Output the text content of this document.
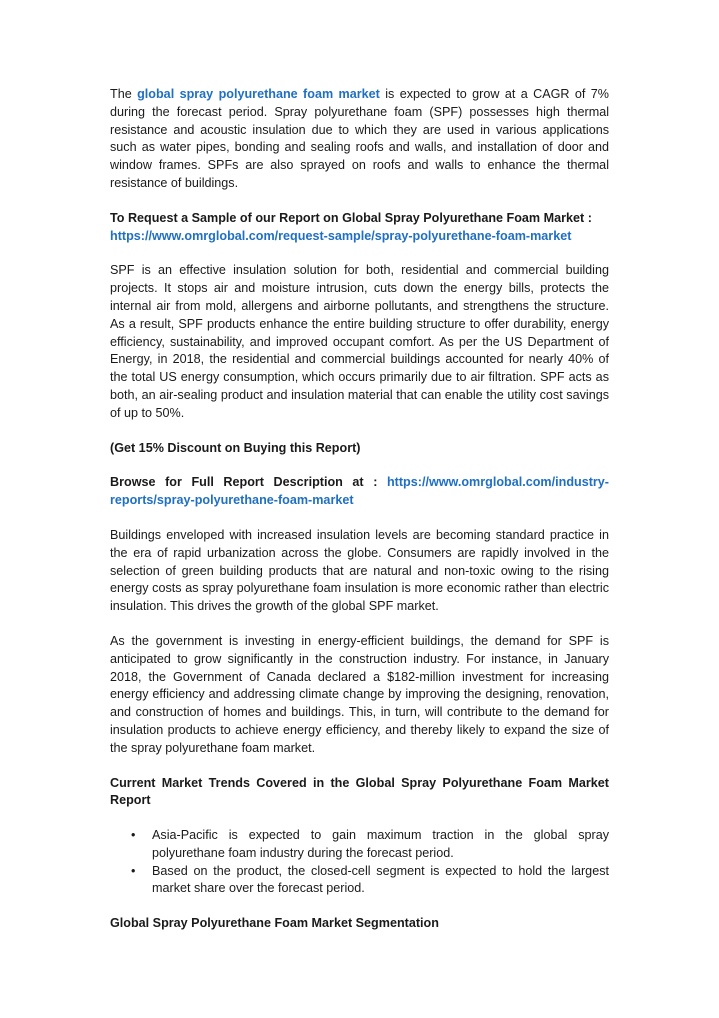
The global spray polyurethane foam market is expected to grow at a CAGR of 7% during the forecast period. Spray polyurethane foam (SPF) possesses high thermal resistance and acoustic insulation due to which they are used in various applications such as water pipes, bonding and sealing roofs and walls, and installation of door and window frames. SPFs are also sprayed on roofs and walls to enhance the thermal resistance of buildings.

To Request a Sample of our Report on Global Spray Polyurethane Foam Market :
https://www.omrglobal.com/request-sample/spray-polyurethane-foam-market

SPF is an effective insulation solution for both, residential and commercial building projects. It stops air and moisture intrusion, cuts down the energy bills, protects the internal air from mold, allergens and airborne pollutants, and strengthens the structure. As a result, SPF products enhance the entire building structure to offer durability, energy efficiency, sustainability, and improved occupant comfort. As per the US Department of Energy, in 2018, the residential and commercial buildings accounted for nearly 40% of the total US energy consumption, which occurs primarily due to air filtration. SPF acts as both, an air-sealing product and insulation material that can enable the utility cost savings of up to 50%.

(Get 15% Discount on Buying this Report)

Browse for Full Report Description at : https://www.omrglobal.com/industry-reports/spray-polyurethane-foam-market

Buildings enveloped with increased insulation levels are becoming standard practice in the era of rapid urbanization across the globe. Consumers are rapidly involved in the selection of green building products that are natural and non-toxic owing to the rising energy costs as spray polyurethane foam insulation is more economic rather than electric insulation. This drives the growth of the global SPF market.

As the government is investing in energy-efficient buildings, the demand for SPF is anticipated to grow significantly in the construction industry. For instance, in January 2018, the Government of Canada declared a $182-million investment for increasing energy efficiency and addressing climate change by improving the designing, renovation, and construction of homes and buildings. This, in turn, will contribute to the demand for insulation products to achieve energy efficiency, and thereby likely to expand the size of the spray polyurethane foam market.

Current Market Trends Covered in the Global Spray Polyurethane Foam Market Report

• Asia-Pacific is expected to gain maximum traction in the global spray polyurethane foam industry during the forecast period.
• Based on the product, the closed-cell segment is expected to hold the largest market share over the forecast period.

Global Spray Polyurethane Foam Market Segmentation
